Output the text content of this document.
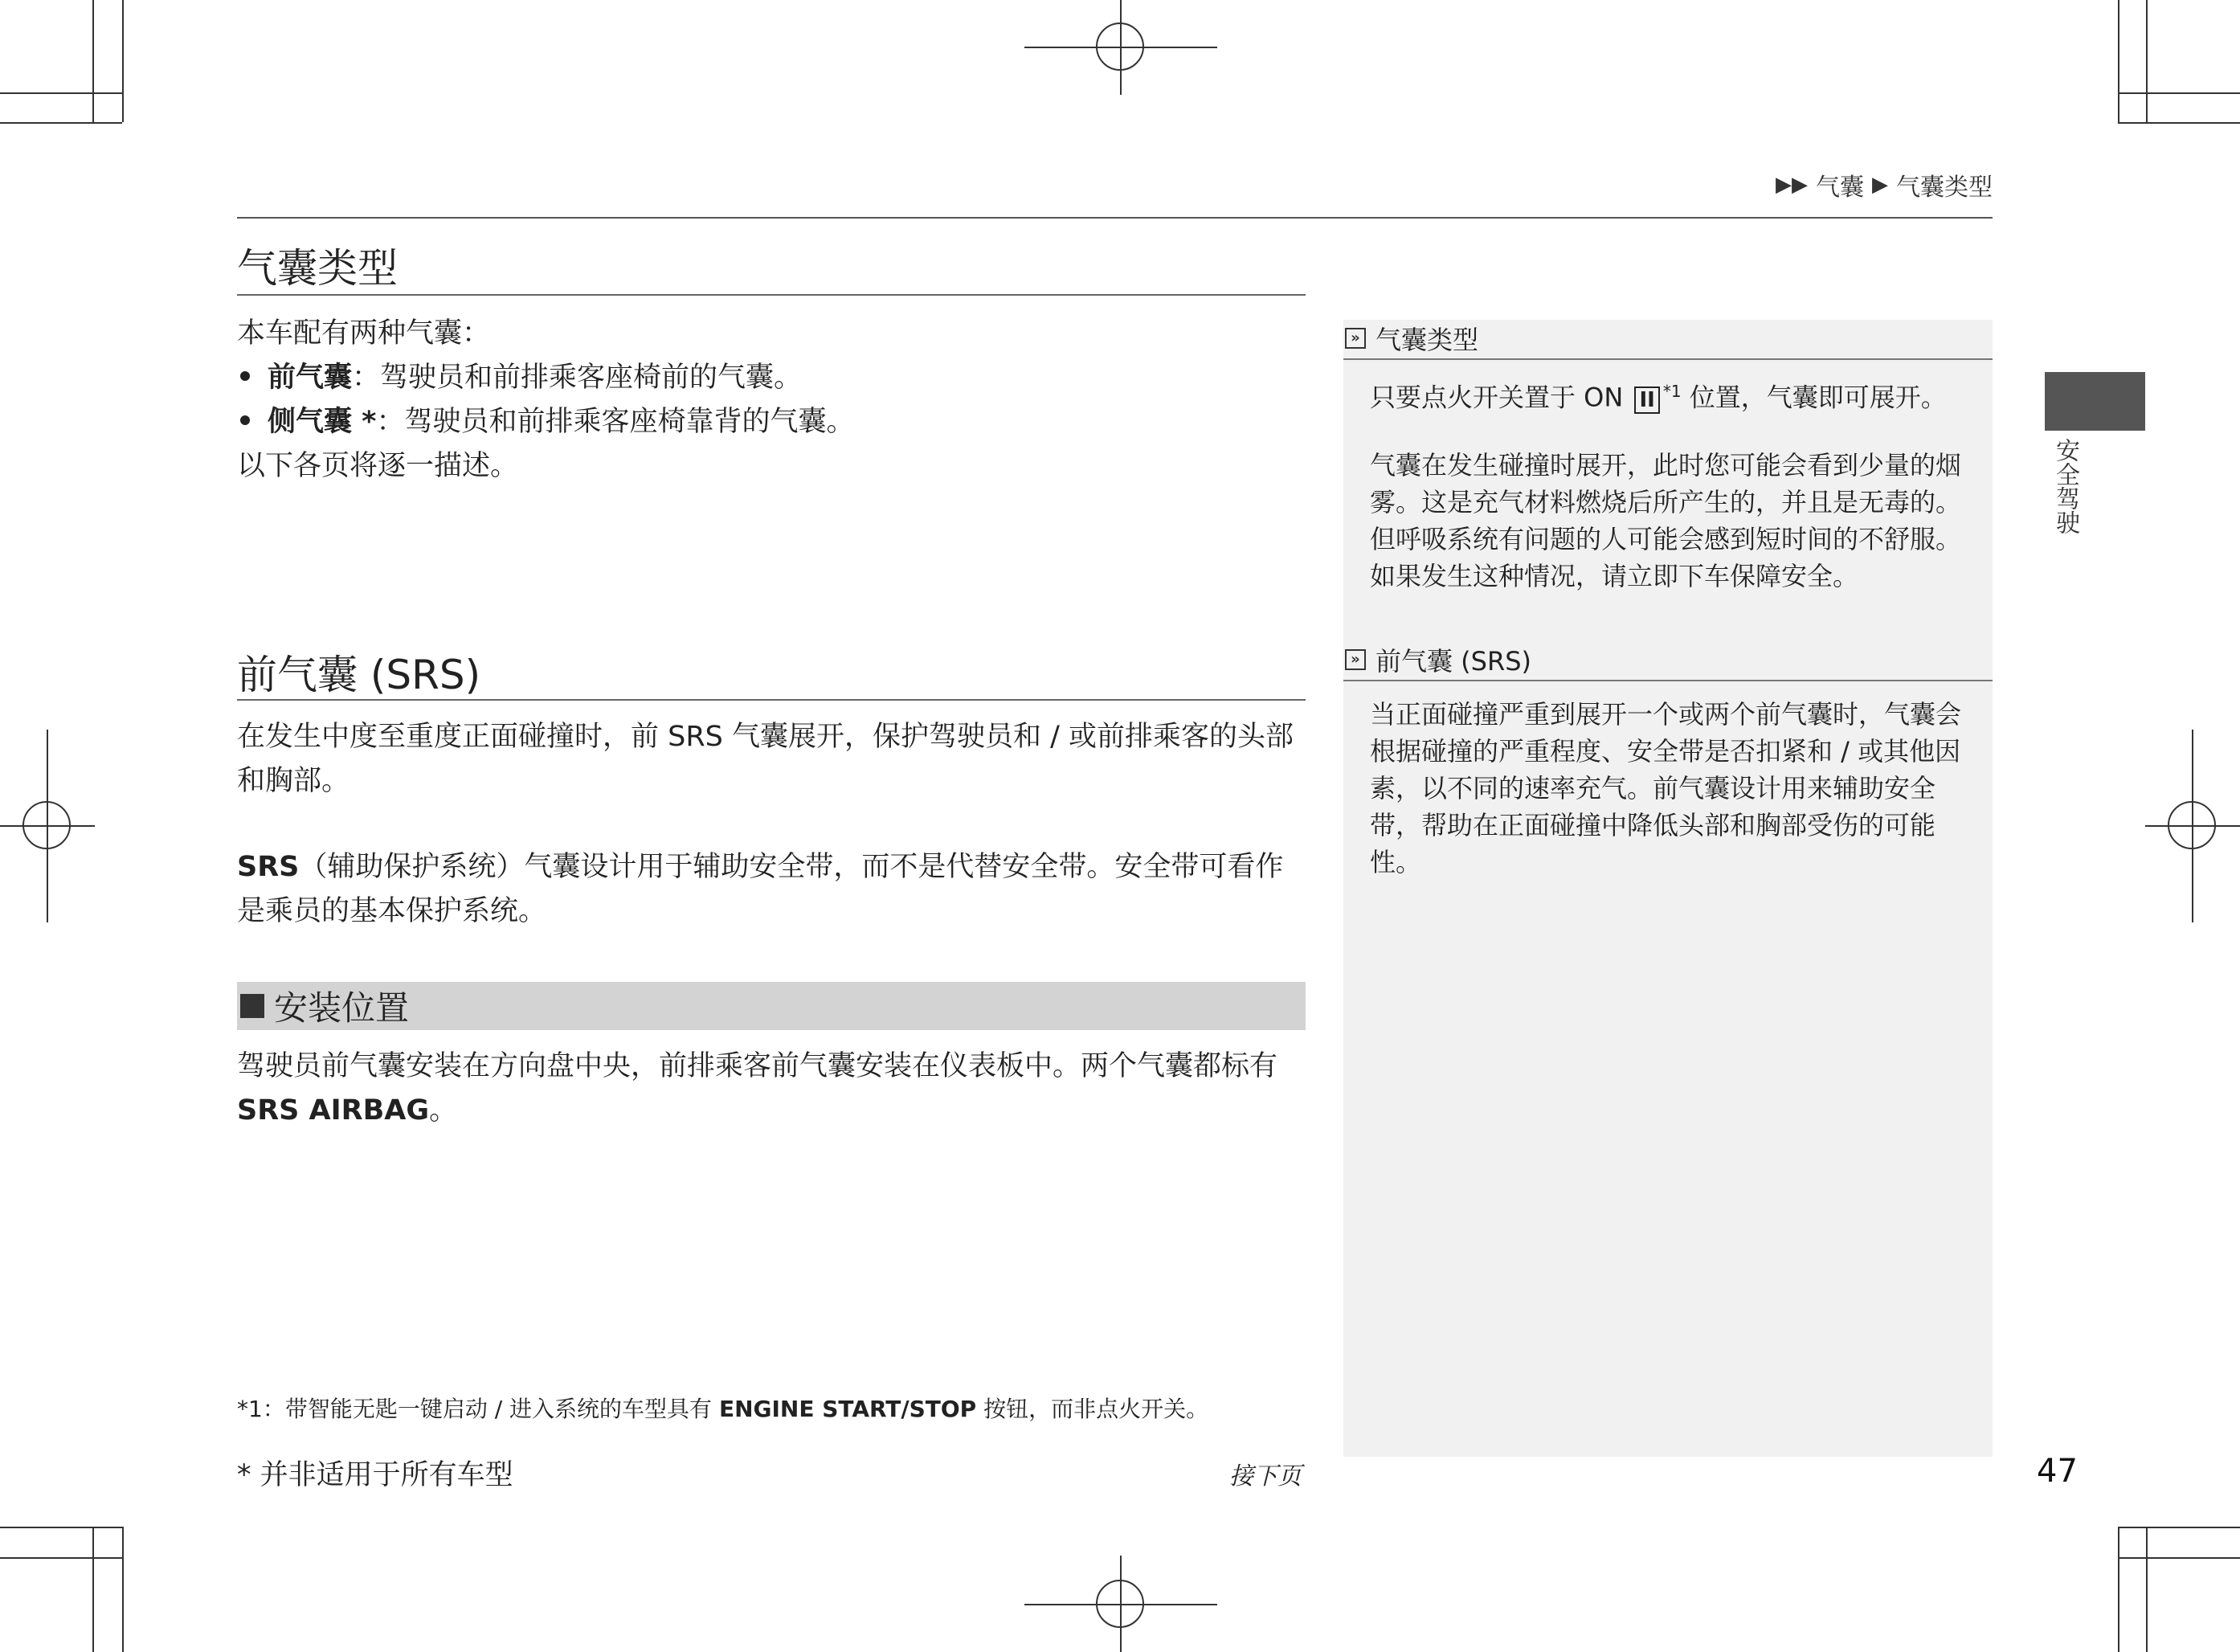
▶▶ 气囊 ▶ 气囊类型
气囊类型

本车配有两种气囊：

前气囊：驾驶员和前排乘客座椅前的气囊。
侧气囊 *：驾驶员和前排乘客座椅靠背的气囊。

以下各页将逐一描述。

前气囊 (SRS)

在发生中度至重度正面碰撞时，前 SRS 气囊展开，保护驾驶员和 / 或前排乘客的头部和胸部。

SRS（辅助保护系统）气囊设计用于辅助安全带，而不是代替安全带。安全带可看作是乘员的基本保护系统。

安装位置

驾驶员前气囊安装在方向盘中央，前排乘客前气囊安装在仪表板中。两个气囊都标有 SRS AIRBAG。

» 气囊类型

只要点火开关置于 ON II $^{*1}$ 位置，气囊即可展开。

气囊在发生碰撞时展开，此时您可能会看到少量的烟雾。这是充气材料燃烧后所产生的，并且是无毒的。但呼吸系统有问题的人可能会感到短时间的不舒服。如果发生这种情况，请立即下车保障安全。

» 前气囊 (SRS)

当正面碰撞严重到展开一个或两个前气囊时，气囊会根据碰撞的严重程度、安全带是否扣紧和 / 或其他因素，以不同的速率充气。前气囊设计用来辅助安全带，帮助在正面碰撞中降低头部和胸部受伤的可能性。

安全驾驶
*1：带智能无匙一键启动 / 进入系统的车型具有 ENGINE START/STOP 按钮，而非点火开关。
* 并非适用于所有车型	接下页	47
